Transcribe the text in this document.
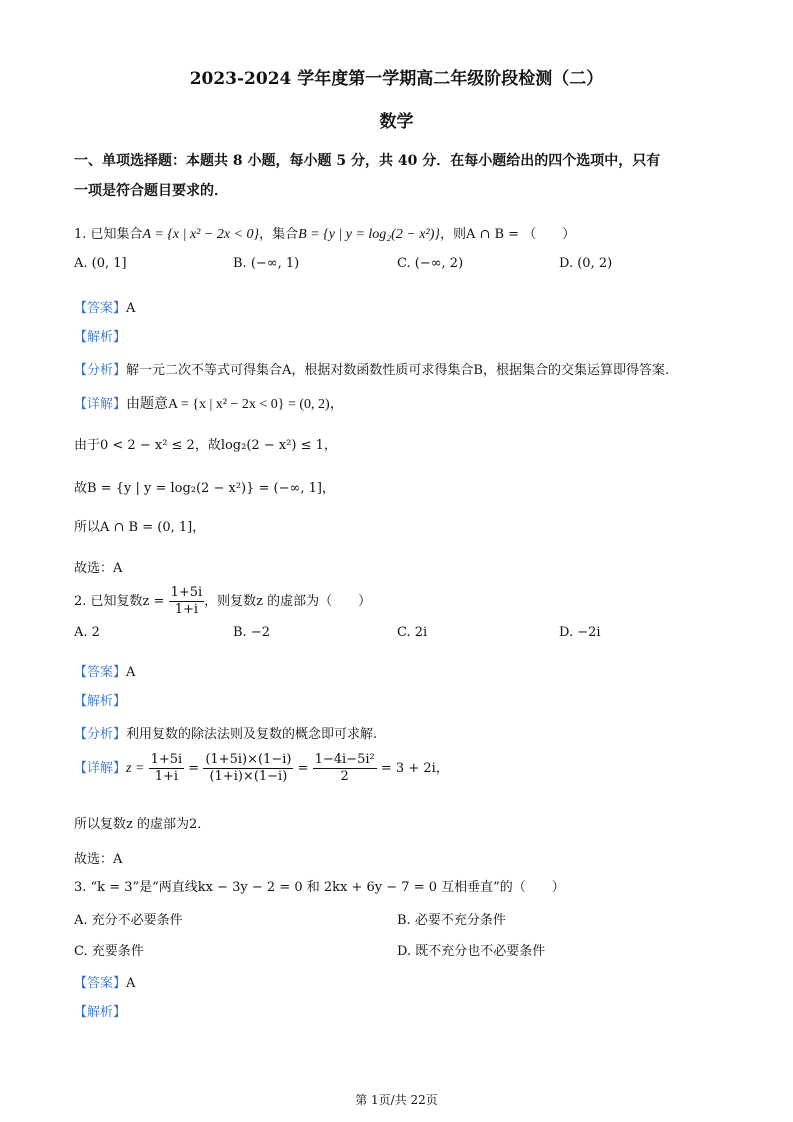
2023-2024 学年度第一学期高二年级阶段检测（二）
数学
一、单项选择题：本题共 8 小题，每小题 5 分，共 40 分．在每小题给出的四个选项中，只有
一项是符合题目要求的．
1. 已知集合A = {x | x² − 2x < 0}，集合B = {y | y = log₂(2 − x²)}，则A ∩ B = （　　）
A. (0, 1]	B. (−∞, 1)	C. (−∞, 2)	D. (0, 2)
【答案】A
【解析】
【分析】解一元二次不等式可得集合A，根据对数函数性质可求得集合B，根据集合的交集运算即得答案.
【详解】由题意A = {x | x² − 2x < 0} = (0, 2)，
由于0 < 2 − x² ≤ 2，故log₂(2 − x²) ≤ 1，
故B = {y | y = log₂(2 − x²)} = (−∞, 1]，
所以A ∩ B = (0, 1]，
故选：A
2. 已知复数$z = \frac{1+5i}{1+i}$ ，则复数z 的虚部为（　　）
A. 2	B. −2	C. 2i	D. −2i
【答案】A
【解析】
【分析】利用复数的除法法则及复数的概念即可求解.
【详解】$z = \frac{1+5i}{1+i} = \frac{(1+5i)\times(1-i)}{(1+i)\times(1-i)} = \frac{\text{1−4i−5i²}}{2} = 3 + 2i$，
所以复数z 的虚部为2．
故选：A
3. “k = 3”是“两直线kx − 3y − 2 = 0 和 2kx + 6y − 7 = 0 互相垂直”的（　　）
A. 充分不必要条件	B. 必要不充分条件
C. 充要条件	D. 既不充分也不必要条件
【答案】A
【解析】
第 1页/共 22页
